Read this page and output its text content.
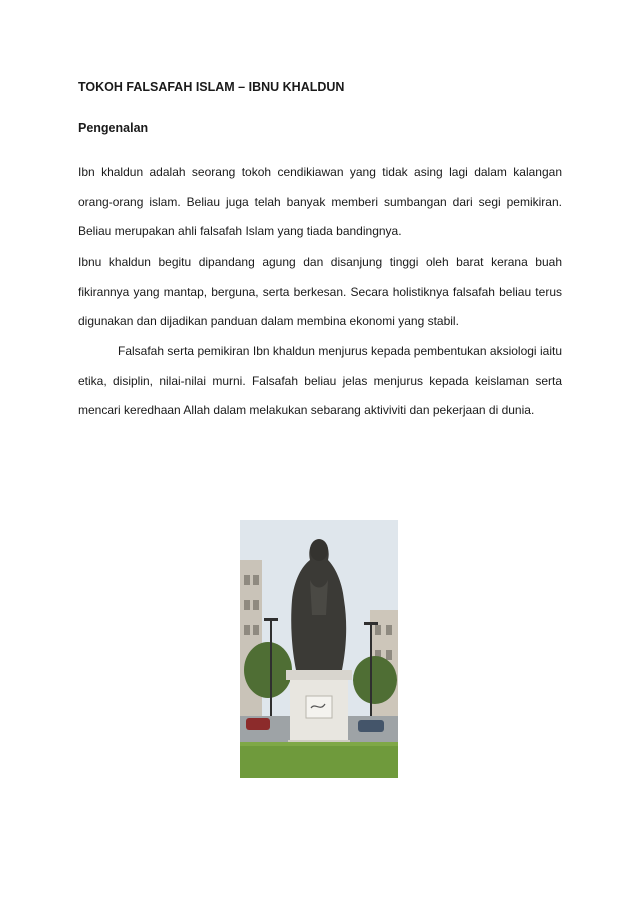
TOKOH FALSAFAH ISLAM – IBNU KHALDUN
Pengenalan

Ibn khaldun adalah seorang tokoh cendikiawan yang tidak asing lagi dalam kalangan orang-orang islam. Beliau juga telah banyak memberi sumbangan dari segi pemikiran. Beliau merupakan ahli falsafah Islam yang tiada bandingnya.

Ibnu khaldun begitu dipandang agung dan disanjung tinggi oleh barat kerana buah fikirannya yang mantap, berguna, serta berkesan. Secara holistiknya falsafah beliau terus digunakan dan dijadikan panduan dalam membina ekonomi yang stabil.

Falsafah serta pemikiran Ibn khaldun menjurus kepada pembentukan aksiologi iaitu etika, disiplin, nilai-nilai murni. Falsafah beliau jelas menjurus kepada keislaman serta mencari keredhaan Allah dalam melakukan sebarang aktiviviti dan pekerjaan di dunia.
